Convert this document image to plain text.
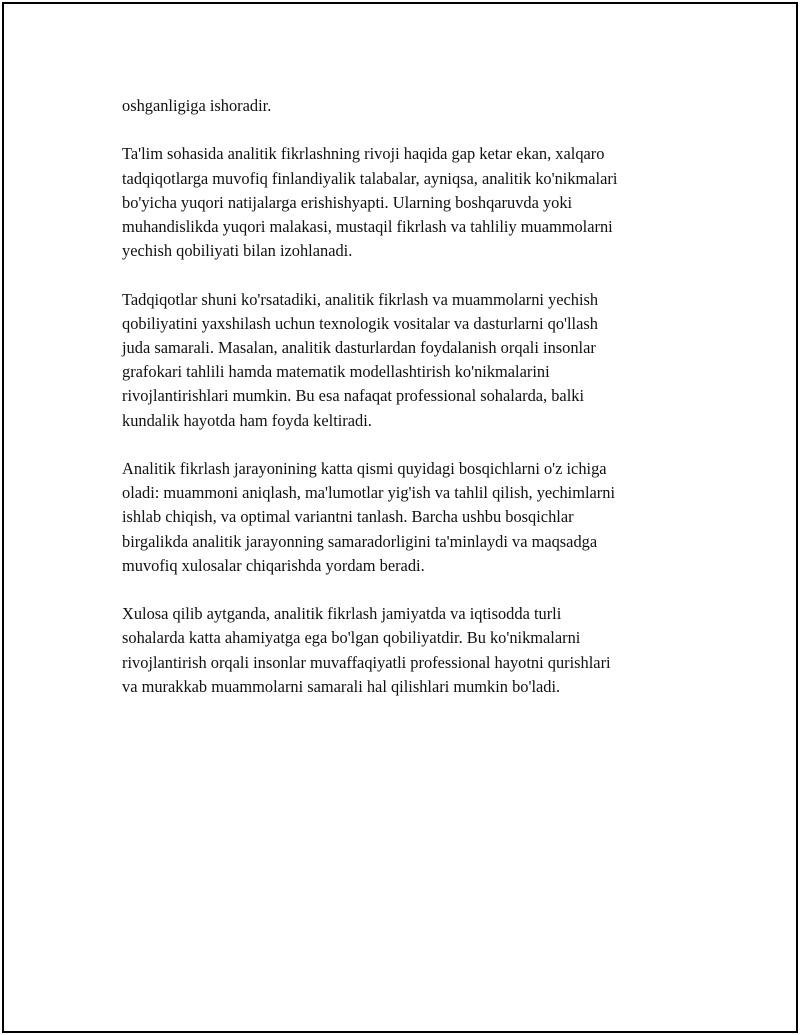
oshganligiga ishoradir.

Ta'lim sohasida analitik fikrlashning rivoji haqida gap ketar ekan, xalqaro
tadqiqotlarga muvofiq finlandiyalik talabalar, ayniqsa, analitik ko'nikmalari
bo'yicha yuqori natijalarga erishishyapti. Ularning boshqaruvda yoki
muhandislikda yuqori malakasi, mustaqil fikrlash va tahliliy muammolarni
yechish qobiliyati bilan izohlanadi.

Tadqiqotlar shuni ko'rsatadiki, analitik fikrlash va muammolarni yechish
qobiliyatini yaxshilash uchun texnologik vositalar va dasturlarni qo'llash
juda samarali. Masalan, analitik dasturlardan foydalanish orqali insonlar
grafokari tahlili hamda matematik modellashtirish ko'nikmalarini
rivojlantirishlari mumkin. Bu esa nafaqat professional sohalarda, balki
kundalik hayotda ham foyda keltiradi.

Analitik fikrlash jarayonining katta qismi quyidagi bosqichlarni o'z ichiga
oladi: muammoni aniqlash, ma'lumotlar yig'ish va tahlil qilish, yechimlarni
ishlab chiqish, va optimal variantni tanlash. Barcha ushbu bosqichlar
birgalikda analitik jarayonning samaradorligini ta'minlaydi va maqsadga
muvofiq xulosalar chiqarishda yordam beradi.

Xulosa qilib aytganda, analitik fikrlash jamiyatda va iqtisodda turli
sohalarda katta ahamiyatga ega bo'lgan qobiliyatdir. Bu ko'nikmalarni
rivojlantirish orqali insonlar muvaffaqiyatli professional hayotni qurishlari
va murakkab muammolarni samarali hal qilishlari mumkin bo'ladi.
